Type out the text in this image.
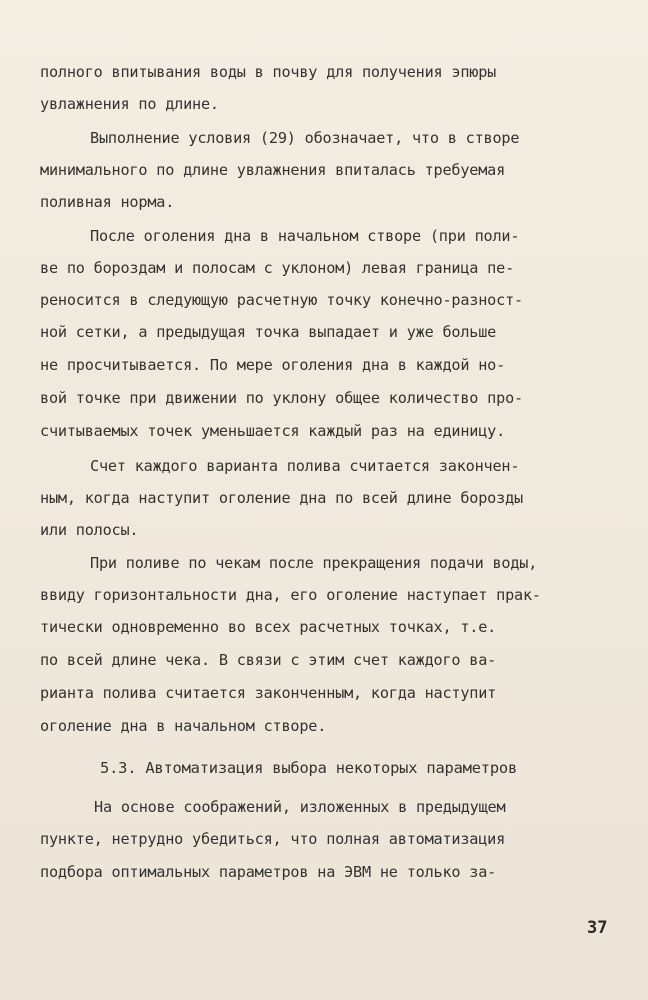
полного впитывания воды в почву для получения эпюры
увлажнения по длине.
Выполнение условия (29) обозначает, что в створе
минимального по длине увлажнения впиталась требуемая
поливная норма.
После оголения дна в начальном створе (при поли-
ве по бороздам и полосам с уклоном) левая граница пе-
реносится в следующую расчетную точку конечно-разност-
ной сетки, а предыдущая точка выпадает и уже больше
не просчитывается. По мере оголения дна в каждой но-
вой точке при движении по уклону общее количество про-
считываемых точек уменьшается каждый раз на единицу.
Счет каждого варианта полива считается закончен-
ным, когда наступит оголение дна по всей длине борозды
или полосы.
При поливе по чекам после прекращения подачи воды,
ввиду горизонтальности дна, его оголение наступает прак-
тически одновременно во всех расчетных точках, т.е.
по всей длине чека. В связи с этим счет каждого ва-
рианта полива считается законченным, когда наступит
оголение дна в начальном створе.
5.3. Автоматизация выбора некоторых параметров
На основе соображений, изложенных в предыдущем
пункте, нетрудно убедиться, что полная автоматизация
подбора оптимальных параметров на ЭВМ не только за-
37
